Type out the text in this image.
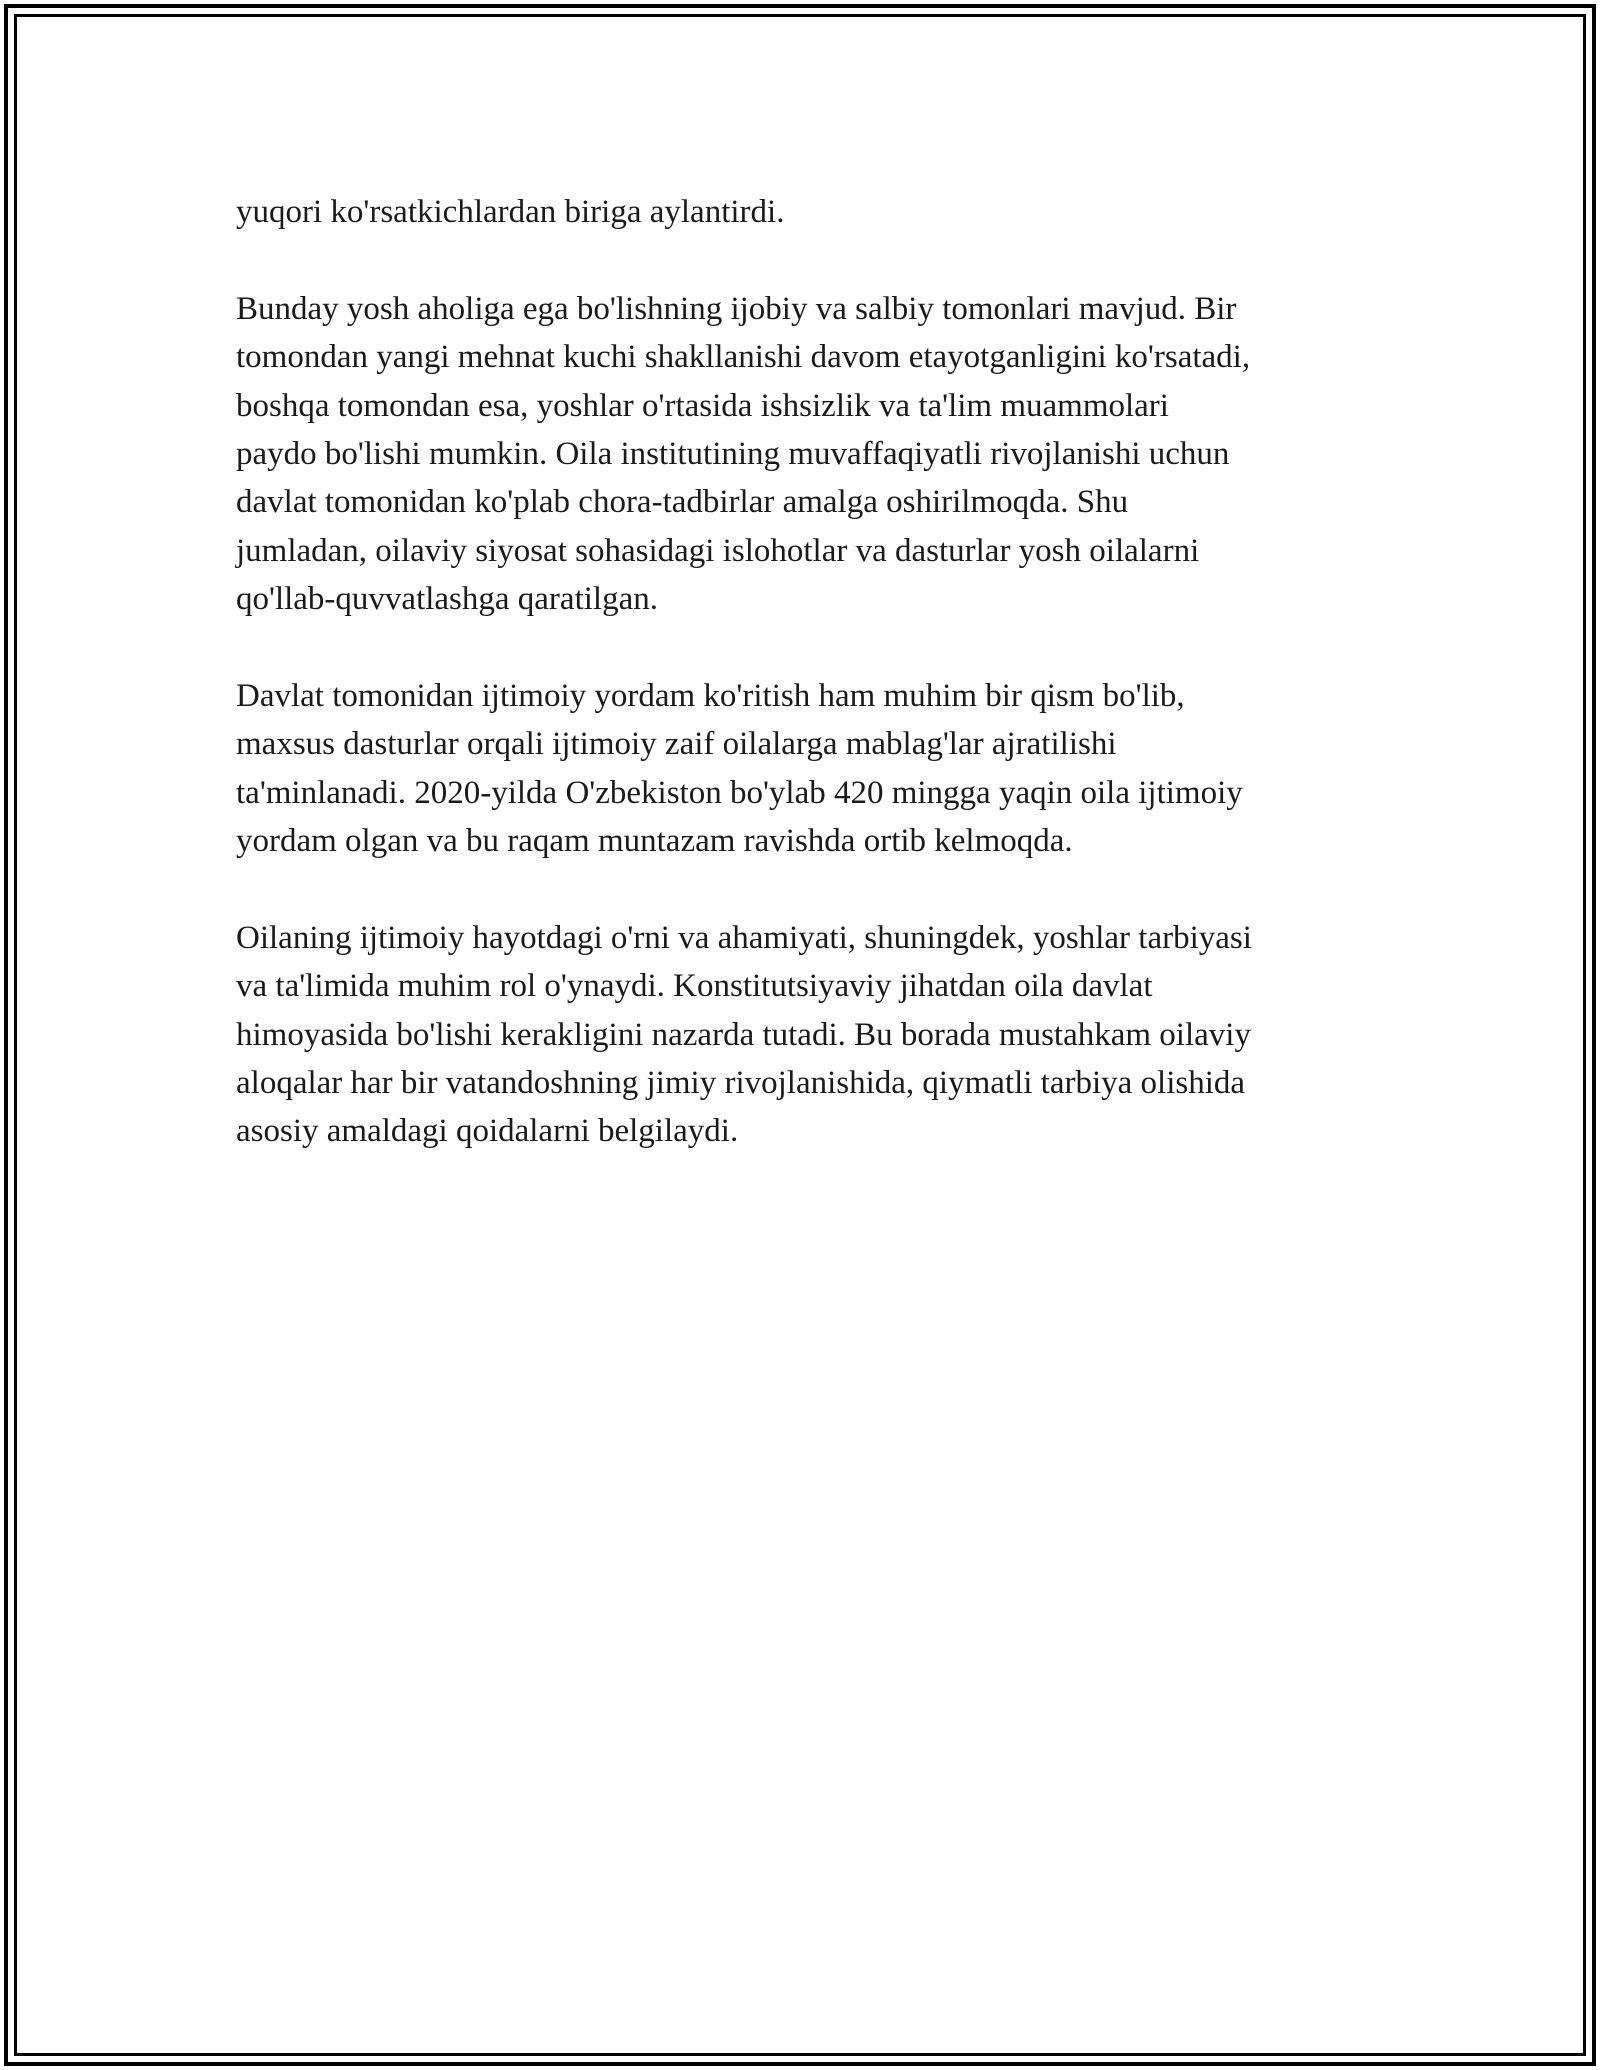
yuqori ko'rsatkichlardan biriga aylantirdi.

Bunday yosh aholiga ega bo'lishning ijobiy va salbiy tomonlari mavjud. Bir
tomondan yangi mehnat kuchi shakllanishi davom etayotganligini ko'rsatadi,
boshqa tomondan esa, yoshlar o'rtasida ishsizlik va ta'lim muammolari
paydo bo'lishi mumkin. Oila institutining muvaffaqiyatli rivojlanishi uchun
davlat tomonidan ko'plab chora-tadbirlar amalga oshirilmoqda. Shu
jumladan, oilaviy siyosat sohasidagi islohotlar va dasturlar yosh oilalarni
qo'llab-quvvatlashga qaratilgan.

Davlat tomonidan ijtimoiy yordam ko'ritish ham muhim bir qism bo'lib,
maxsus dasturlar orqali ijtimoiy zaif oilalarga mablag'lar ajratilishi
ta'minlanadi. 2020-yilda O'zbekiston bo'ylab 420 mingga yaqin oila ijtimoiy
yordam olgan va bu raqam muntazam ravishda ortib kelmoqda.

Oilaning ijtimoiy hayotdagi o'rni va ahamiyati, shuningdek, yoshlar tarbiyasi
va ta'limida muhim rol o'ynaydi. Konstitutsiyaviy jihatdan oila davlat
himoyasida bo'lishi kerakligini nazarda tutadi. Bu borada mustahkam oilaviy
aloqalar har bir vatandoshning jimiy rivojlanishida, qiymatli tarbiya olishida
asosiy amaldagi qoidalarni belgilaydi.
